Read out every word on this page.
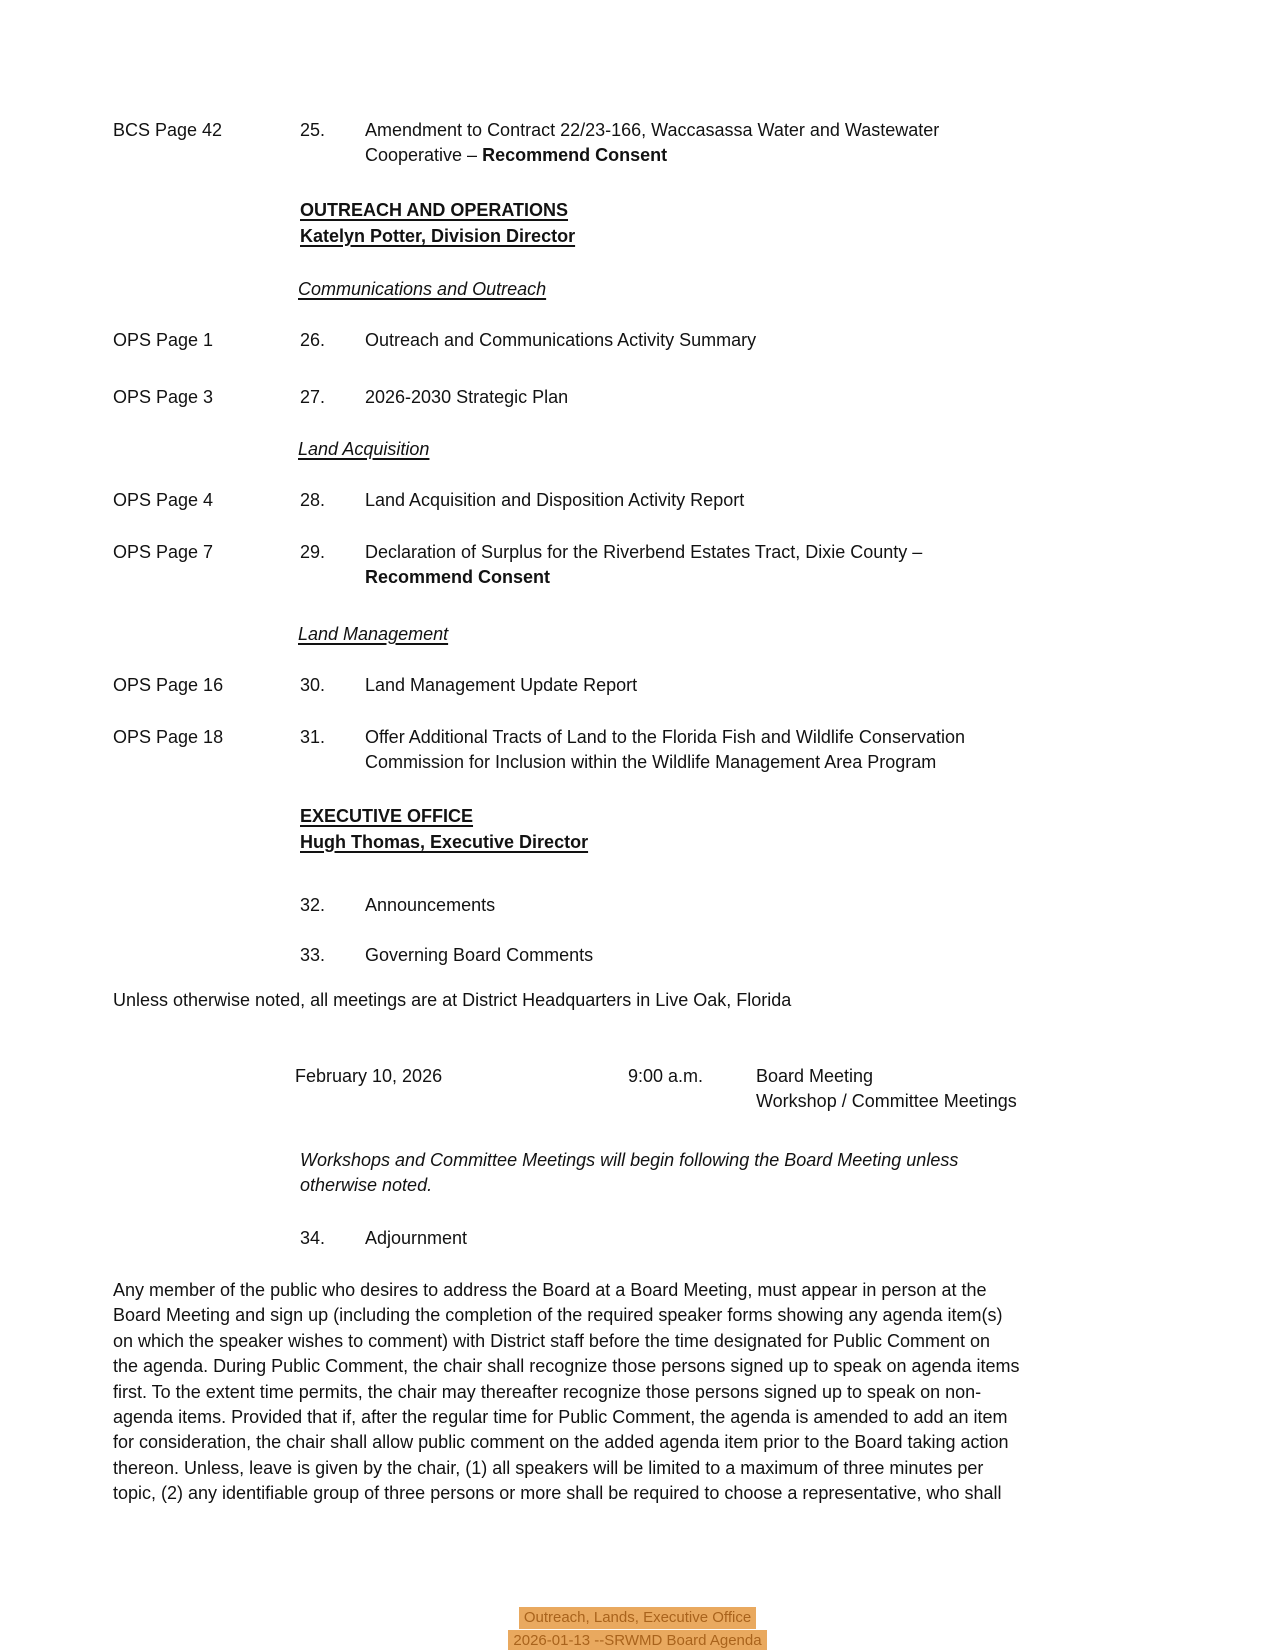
BCS Page 42	25. Amendment to Contract 22/23-166, Waccasassa Water and Wastewater
Cooperative – Recommend Consent
OUTREACH AND OPERATIONS
Katelyn Potter, Division Director
Communications and Outreach
OPS Page 1	26. Outreach and Communications Activity Summary
OPS Page 3	27. 2026-2030 Strategic Plan
Land Acquisition
OPS Page 4	28. Land Acquisition and Disposition Activity Report
OPS Page 7	29. Declaration of Surplus for the Riverbend Estates Tract, Dixie County –
Recommend Consent
Land Management
OPS Page 16	30. Land Management Update Report
OPS Page 18	31. Offer Additional Tracts of Land to the Florida Fish and Wildlife Conservation
Commission for Inclusion within the Wildlife Management Area Program
EXECUTIVE OFFICE
Hugh Thomas, Executive Director
32. Announcements
33. Governing Board Comments
Unless otherwise noted, all meetings are at District Headquarters in Live Oak, Florida
February 10, 2026	9:00 a.m.	Board Meeting
Workshop / Committee Meetings
Workshops and Committee Meetings will begin following the Board Meeting unless
otherwise noted.
34. Adjournment
Any member of the public who desires to address the Board at a Board Meeting, must appear in person at the
Board Meeting and sign up (including the completion of the required speaker forms showing any agenda item(s)
on which the speaker wishes to comment) with District staff before the time designated for Public Comment on
the agenda. During Public Comment, the chair shall recognize those persons signed up to speak on agenda items
first. To the extent time permits, the chair may thereafter recognize those persons signed up to speak on non-
agenda items. Provided that if, after the regular time for Public Comment, the agenda is amended to add an item
for consideration, the chair shall allow public comment on the added agenda item prior to the Board taking action
thereon. Unless, leave is given by the chair, (1) all speakers will be limited to a maximum of three minutes per
topic, (2) any identifiable group of three persons or more shall be required to choose a representative, who shall
Outreach, Lands, Executive Office
2026-01-13 --SRWMD Board Agenda
